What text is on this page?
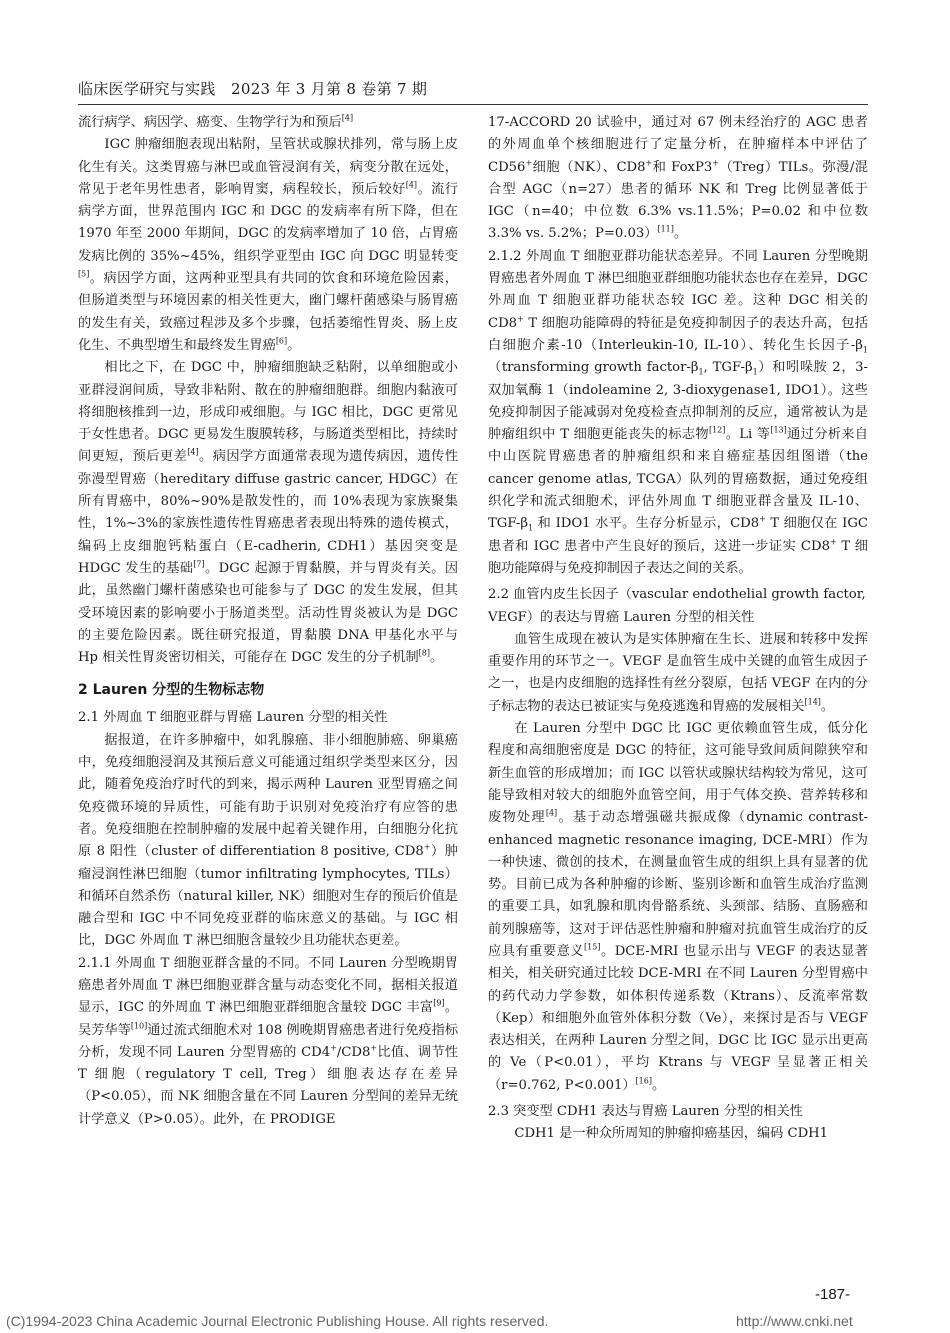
临床医学研究与实践　2023 年 3 月第 8 卷第 7 期

流行病学、病因学、癌变、生物学行为和预后[4]

IGC 肿瘤细胞表现出粘附，呈管状或腺状排列，常与肠上皮化生有关。这类胃癌与淋巴或血管浸润有关，病变分散在远处，常见于老年男性患者，影响胃窦，病程较长，预后较好[4]。流行病学方面，世界范围内 IGC 和 DGC 的发病率有所下降，但在 1970 年至 2000 年期间，DGC 的发病率增加了 10 倍，占胃癌发病比例的 35%~45%，组织学亚型由 IGC 向 DGC 明显转变[5]。病因学方面，这两种亚型具有共同的饮食和环境危险因素，但肠道类型与环境因素的相关性更大，幽门螺杆菌感染与肠胃癌的发生有关，致癌过程涉及多个步骤，包括萎缩性胃炎、肠上皮化生、不典型增生和最终发生胃癌[6]。

相比之下，在 DGC 中，肿瘤细胞缺乏粘附，以单细胞或小亚群浸润间质，导致非粘附、散在的肿瘤细胞群。细胞内黏液可将细胞核推到一边，形成印戒细胞。与 IGC 相比，DGC 更常见于女性患者。DGC 更易发生腹膜转移，与肠道类型相比，持续时间更短，预后更差[4]。病因学方面通常表现为遗传病因，遗传性弥漫型胃癌（hereditary diffuse gastric cancer, HDGC）在所有胃癌中，80%~90%是散发性的，而 10%表现为家族聚集性，1%~3%的家族性遗传性胃癌患者表现出特殊的遗传模式，编码上皮细胞钙粘蛋白（E-cadherin, CDH1）基因突变是 HDGC 发生的基础[7]。DGC 起源于胃黏膜，并与胃炎有关。因此，虽然幽门螺杆菌感染也可能参与了 DGC 的发生发展，但其受环境因素的影响要小于肠道类型。活动性胃炎被认为是 DGC 的主要危险因素。既往研究报道，胃黏膜 DNA 甲基化水平与 Hp 相关性胃炎密切相关，可能存在 DGC 发生的分子机制[8]。

2 Lauren 分型的生物标志物
2.1 外周血 T 细胞亚群与胃癌 Lauren 分型的相关性

据报道，在许多肿瘤中，如乳腺癌、非小细胞肺癌、卵巢癌中，免疫细胞浸润及其预后意义可能通过组织学类型来区分，因此，随着免疫治疗时代的到来，揭示两种 Lauren 亚型胃癌之间免疫微环境的异质性，可能有助于识别对免疫治疗有应答的患者。免疫细胞在控制肿瘤的发展中起着关键作用，白细胞分化抗原 8 阳性（cluster of differentiation 8 positive, CD8+）肿瘤浸润性淋巴细胞（tumor infiltrating lymphocytes, TILs）和循环自然杀伤（natural killer, NK）细胞对生存的预后价值是融合型和 IGC 中不同免疫亚群的临床意义的基础。与 IGC 相比，DGC 外周血 T 淋巴细胞含量较少且功能状态更差。

2.1.1 外周血 T 细胞亚群含量的不同。不同 Lauren 分型晚期胃癌患者外周血 T 淋巴细胞亚群含量与动态变化不同，据相关报道显示，IGC 的外周血 T 淋巴细胞亚群细胞含量较 DGC 丰富[9]。吴芳华等[10]通过流式细胞术对 108 例晚期胃癌患者进行免疫指标分析，发现不同 Lauren 分型胃癌的 CD4+/CD8+比值、调节性 T 细胞（regulatory T cell, Treg）细胞表达存在差异（P<0.05），而 NK 细胞含量在不同 Lauren 分型间的差异无统计学意义（P>0.05）。此外，在 PRODIGE

17-ACCORD 20 试验中，通过对 67 例未经治疗的 AGC 患者的外周血单个核细胞进行了定量分析，在肿瘤样本中评估了 CD56+细胞（NK）、CD8+和 FoxP3+（Treg）TILs。弥漫/混合型 AGC（n=27）患者的循环 NK 和 Treg 比例显著低于 IGC（n=40；中位数 6.3% vs.11.5%；P=0.02 和中位数 3.3% vs. 5.2%；P=0.03）[11]。

2.1.2 外周血 T 细胞亚群功能状态差异。不同 Lauren 分型晚期胃癌患者外周血 T 淋巴细胞亚群细胞功能状态也存在差异，DGC 外周血 T 细胞亚群功能状态较 IGC 差。这种 DGC 相关的 CD8+ T 细胞功能障碍的特征是免疫抑制因子的表达升高，包括白细胞介素-10（Interleukin-10, IL-10）、转化生长因子$-\beta_1(transforming$ growth factor-$\beta_1$, TGF-$\beta_1$）和吲哚胺 2，3-双加氧酶 1（indoleamine 2, 3-dioxygenase1, IDO1）。这些免疫抑制因子能减弱对免疫检查点抑制剂的反应，通常被认为是肿瘤组织中 T 细胞更能丧失的标志物[12]。Li 等[13]通过分析来自中山医院胃癌患者的肿瘤组织和来自癌症基因组图谱（the cancer genome atlas, TCGA）队列的胃癌数据，通过免疫组织化学和流式细胞术，评估外周血 T 细胞亚群含量及 IL-10、TGF-$\beta_1$ 和 IDO1 水平。生存分析显示，CD8+ T 细胞仅在 IGC 患者和 IGC 患者中产生良好的预后，这进一步证实 CD8+ T 细胞功能障碍与免疫抑制因子表达之间的关系。

2.2 血管内皮生长因子（vascular endothelial growth factor, VEGF）的表达与胃癌 Lauren 分型的相关性

血管生成现在被认为是实体肿瘤在生长、进展和转移中发挥重要作用的环节之一。VEGF 是血管生成中关键的血管生成因子之一，也是内皮细胞的选择性有丝分裂原，包括 VEGF 在内的分子标志物的表达已被证实与免疫逃逸和胃癌的发展相关[14]。

在 Lauren 分型中 DGC 比 IGC 更依赖血管生成，低分化程度和高细胞密度是 DGC 的特征，这可能导致间质间隙狭窄和新生血管的形成增加；而 IGC 以管状或腺状结构较为常见，这可能导致相对较大的细胞外血管空间，用于气体交换、营养转移和废物处理[4]。基于动态增强磁共振成像（dynamic contrast-enhanced magnetic resonance imaging, DCE-MRI）作为一种快速、微创的技术，在测量血管生成的组织上具有显著的优势。目前已成为各种肿瘤的诊断、鉴别诊断和血管生成治疗监测的重要工具，如乳腺和肌肉骨骼系统、头颈部、结肠、直肠癌和前列腺癌等，这对于评估恶性肿瘤和肿瘤对抗血管生成治疗的反应具有重要意义[15]。DCE-MRI 也显示出与 VEGF 的表达显著相关，相关研究通过比较 DCE-MRI 在不同 Lauren 分型胃癌中的药代动力学参数，如体积传递系数（Ktrans）、反流率常数（Kep）和细胞外血管外体积分数（Ve），来探讨是否与 VEGF 表达相关，在两种 Lauren 分型之间，DGC 比 IGC 显示出更高的 Ve（P<0.01），平均 Ktrans 与 VEGF 呈显著正相关（r=0.762, P<0.001）[16]。

2.3 突变型 CDH1 表达与胃癌 Lauren 分型的相关性

CDH1 是一种众所周知的肿瘤抑癌基因，编码 CDH1

-187-
(C)1994-2023 China Academic Journal Electronic Publishing House. All rights reserved.	http://www.cnki.net
